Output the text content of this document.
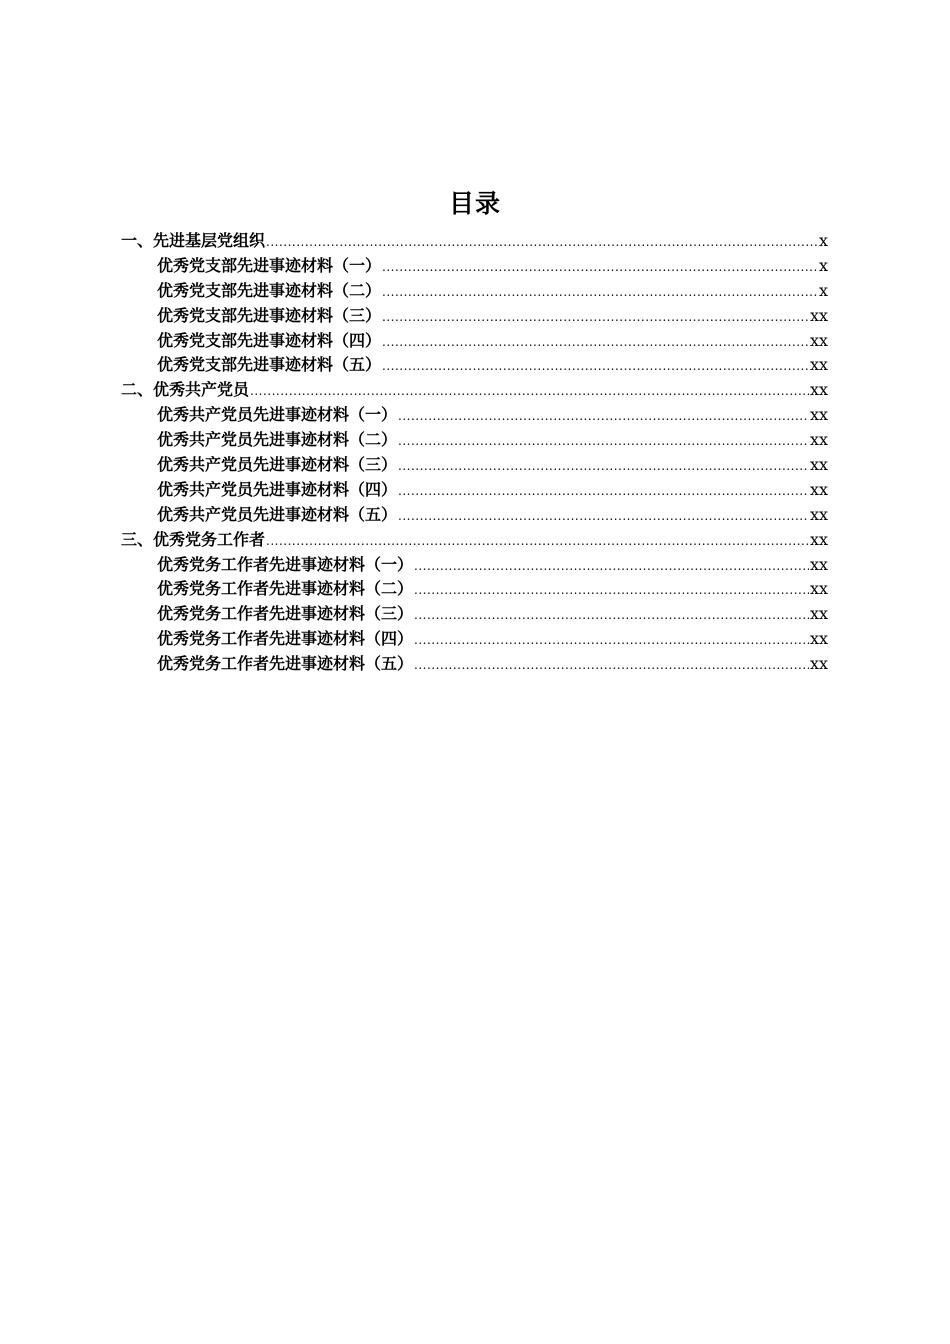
目录
一、先进基层党组织 .....	x
优秀党支部先进事迹材料（一） .....	x
优秀党支部先进事迹材料（二） .....	x
优秀党支部先进事迹材料（三） .....	xx
优秀党支部先进事迹材料（四） .....	xx
优秀党支部先进事迹材料（五） .....	xx
二、优秀共产党员 .....	xx
优秀共产党员先进事迹材料（一） .....	xx
优秀共产党员先进事迹材料（二） .....	xx
优秀共产党员先进事迹材料（三） .....	xx
优秀共产党员先进事迹材料（四） .....	xx
优秀共产党员先进事迹材料（五） .....	xx
三、优秀党务工作者 .....	xx
优秀党务工作者先进事迹材料（一） .....	xx
优秀党务工作者先进事迹材料（二） .....	xx
优秀党务工作者先进事迹材料（三） .....	xx
优秀党务工作者先进事迹材料（四） .....	xx
优秀党务工作者先进事迹材料（五） .....	xx
